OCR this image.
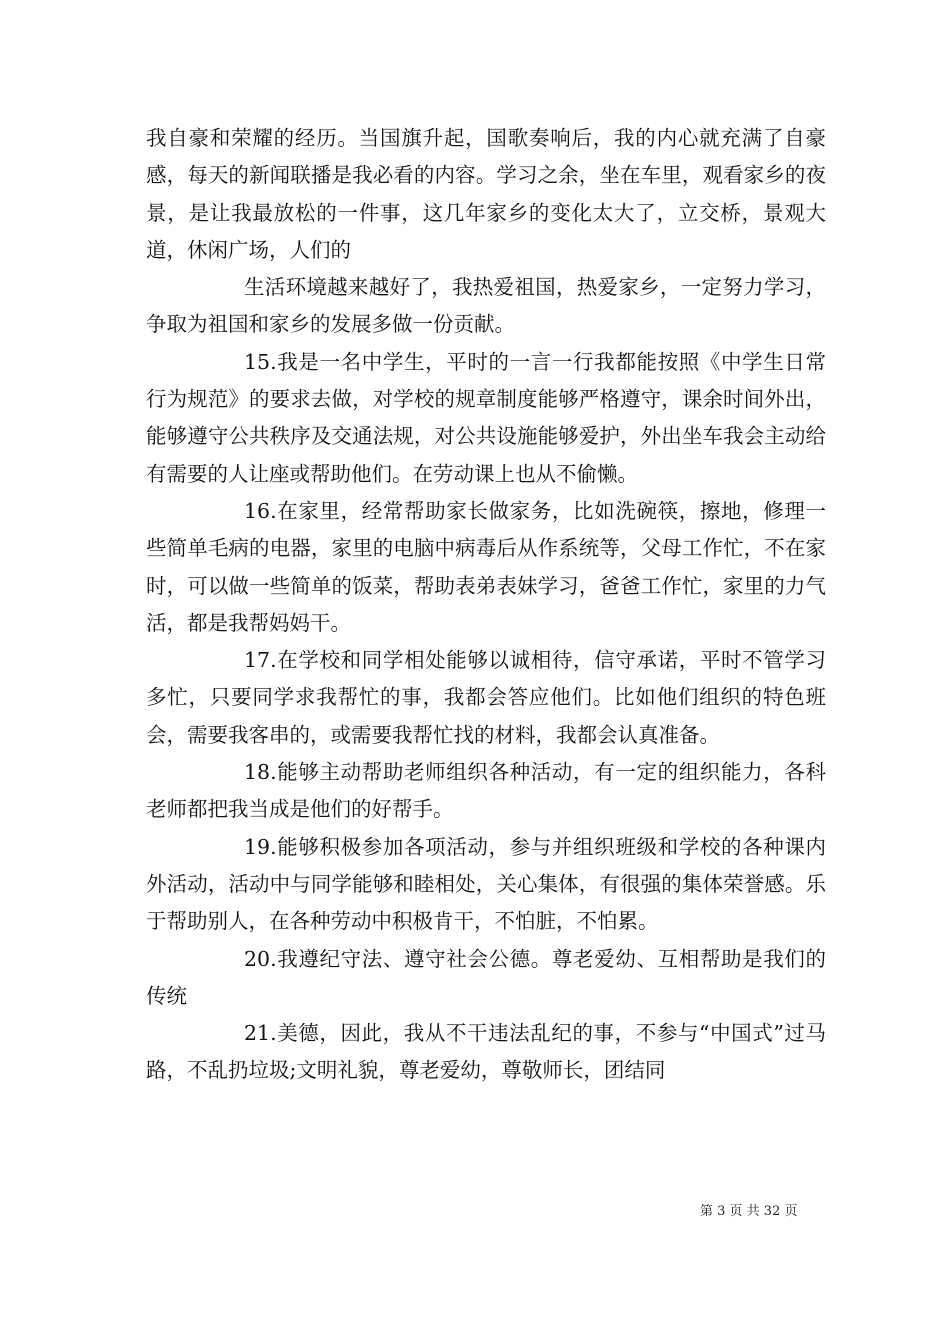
我自豪和荣耀的经历。当国旗升起，国歌奏响后，我的内心就充满了自豪感，每天的新闻联播是我必看的内容。学习之余，坐在车里，观看家乡的夜景，是让我最放松的一件事，这几年家乡的变化太大了，立交桥，景观大道，休闲广场，人们的

生活环境越来越好了，我热爱祖国，热爱家乡，一定努力学习，争取为祖国和家乡的发展多做一份贡献。

15.我是一名中学生，平时的一言一行我都能按照《中学生日常行为规范》的要求去做，对学校的规章制度能够严格遵守，课余时间外出，能够遵守公共秩序及交通法规，对公共设施能够爱护，外出坐车我会主动给有需要的人让座或帮助他们。在劳动课上也从不偷懒。

16.在家里，经常帮助家长做家务，比如洗碗筷，擦地，修理一些简单毛病的电器，家里的电脑中病毒后从作系统等，父母工作忙，不在家时，可以做一些简单的饭菜，帮助表弟表妹学习，爸爸工作忙，家里的力气活，都是我帮妈妈干。

17.在学校和同学相处能够以诚相待，信守承诺，平时不管学习多忙，只要同学求我帮忙的事，我都会答应他们。比如他们组织的特色班会，需要我客串的，或需要我帮忙找的材料，我都会认真准备。

18.能够主动帮助老师组织各种活动，有一定的组织能力，各科老师都把我当成是他们的好帮手。

19.能够积极参加各项活动，参与并组织班级和学校的各种课内外活动，活动中与同学能够和睦相处，关心集体，有很强的集体荣誉感。乐于帮助别人，在各种劳动中积极肯干，不怕脏，不怕累。

20.我遵纪守法、遵守社会公德。尊老爱幼、互相帮助是我们的传统

21.美德，因此，我从不干违法乱纪的事，不参与“中国式”过马路，不乱扔垃圾;文明礼貌，尊老爱幼，尊敬师长，团结同

第 3 页 共 32 页
